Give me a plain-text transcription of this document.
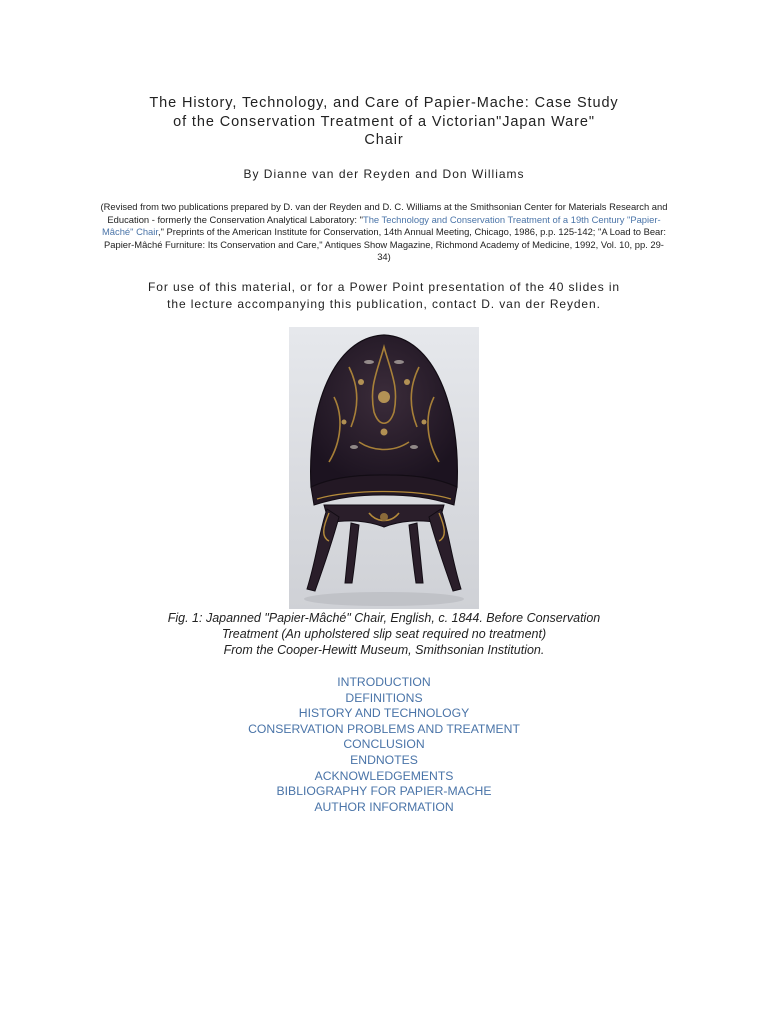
The History, Technology, and Care of Papier-Mache: Case Study
of the Conservation Treatment of a Victorian"Japan Ware"
Chair
By Dianne van der Reyden and Don Williams
(Revised from two publications prepared by D. van der Reyden and D. C. Williams at the Smithsonian Center for Materials Research and Education - formerly the Conservation Analytical Laboratory: "The Technology and Conservation Treatment of a 19th Century "Papier-Mâché" Chair," Preprints of the American Institute for Conservation, 14th Annual Meeting, Chicago, 1986, p.p. 125-142; "A Load to Bear: Papier-Mâché Furniture: Its Conservation and Care," Antiques Show Magazine, Richmond Academy of Medicine, 1992, Vol. 10, pp. 29-34)
For use of this material, or for a Power Point presentation of the 40 slides in
the lecture accompanying this publication, contact D. van der Reyden.
Fig. 1: Japanned "Papier-Mâché" Chair, English, c. 1844. Before Conservation
Treatment (An upholstered slip seat required no treatment)
From the Cooper-Hewitt Museum, Smithsonian Institution.
INTRODUCTION
DEFINITIONS
HISTORY AND TECHNOLOGY
CONSERVATION PROBLEMS AND TREATMENT
CONCLUSION
ENDNOTES
ACKNOWLEDGEMENTS
BIBLIOGRAPHY FOR PAPIER-MACHE
AUTHOR INFORMATION
